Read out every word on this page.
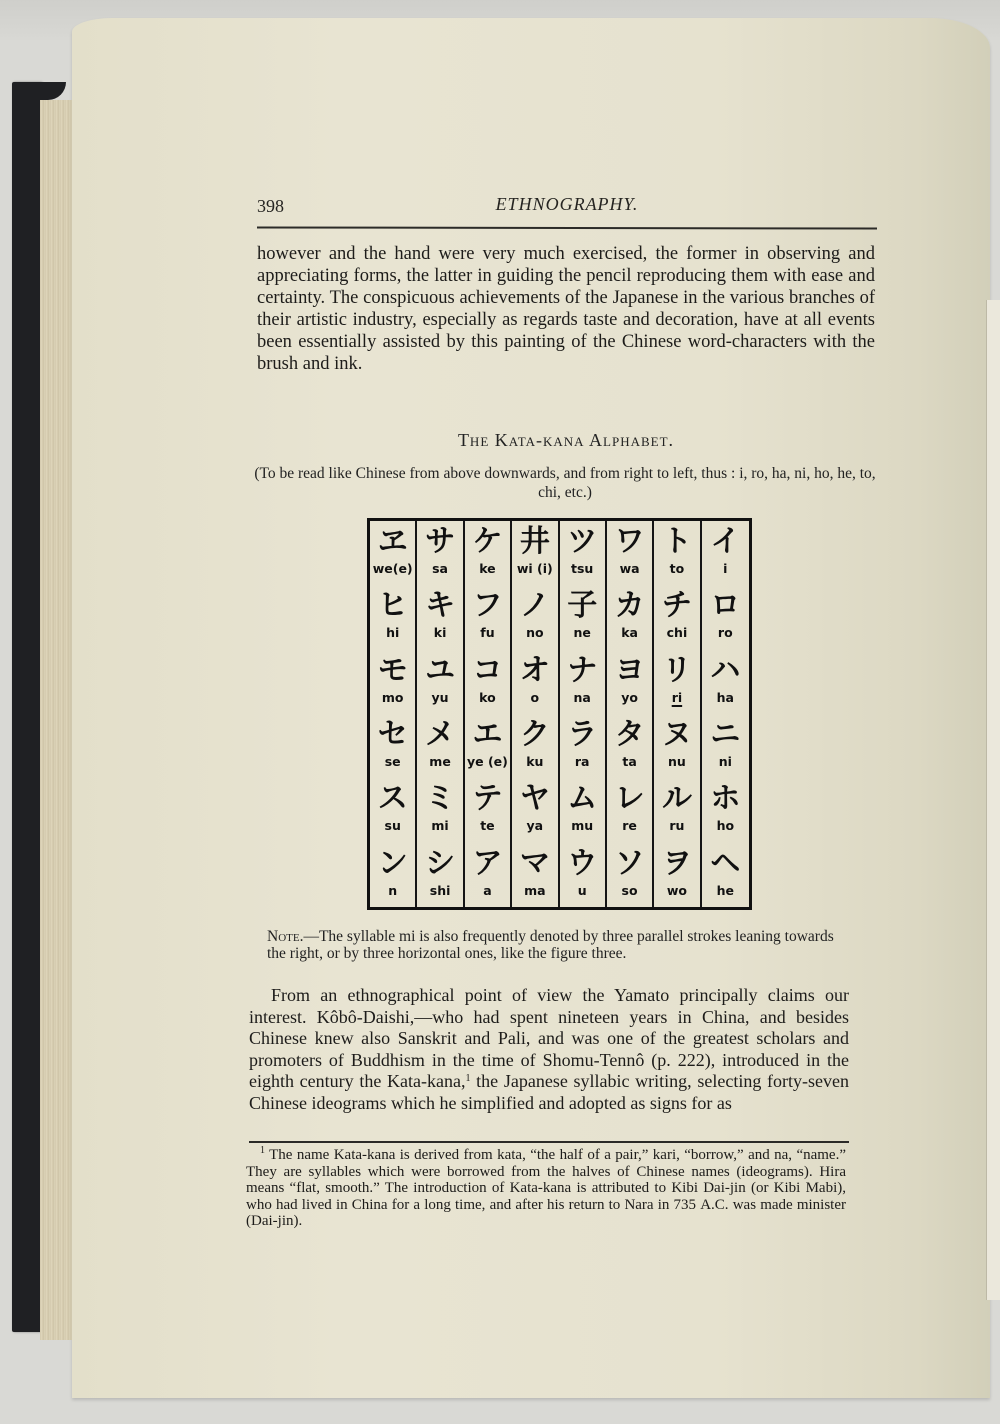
398	ETHNOGRAPHY.

however and the hand were very much exercised, the former in observing and appreciating forms, the latter in guiding the pencil reproducing them with ease and certainty. The conspicuous achievements of the Japanese in the various branches of their artistic industry, especially as regards taste and decoration, have at all events been essentially assisted by this painting of the Chinese word-characters with the brush and ink.

The Kata-kana Alphabet.
(To be read like Chinese from above downwards, and from right to left, thus : i, ro, ha, ni, ho, he, to, chi, etc.)
ヱ
we(e)
ヒ
hi
モ
mo
セ
se
ス
su
ン
n
サ
sa
キ
ki
ユ
yu
メ
me
ミ
mi
シ
shi
ケ
ke
フ
fu
コ
ko
エ
ye (e)
テ
te
ア
a
井
wi (i)
ノ
no
オ
o
ク
ku
ヤ
ya
マ
ma
ツ
tsu
子
ne
ナ
na
ラ
ra
ム
mu
ウ
u
ワ
wa
カ
ka
ヨ
yo
タ
ta
レ
re
ソ
so
ト
to
チ
chi
リ
ri
ヌ
nu
ル
ru
ヲ
wo
イ
i
ロ
ro
ハ
ha
ニ
ni
ホ
ho
ヘ
he
Note.—The syllable mi is also frequently denoted by three parallel strokes leaning towards the right, or by three horizontal ones, like the figure three.
From an ethnographical point of view the Yamato principally claims our interest. Kôbô-Daishi,—who had spent nineteen years in China, and besides Chinese knew also Sanskrit and Pali, and was one of the greatest scholars and promoters of Buddhism in the time of Shomu-Tennô (p. 222), introduced in the eighth century the Kata-kana,$^1$ the Japanese syllabic writing, selecting forty-seven Chinese ideograms which he simplified and adopted as signs for as
$^1$ The name Kata-kana is derived from kata, “the half of a pair,” kari, “borrow,” and na, “name.” They are syllables which were borrowed from the halves of Chinese names (ideograms). Hira means “flat, smooth.” The introduction of Kata-kana is attributed to Kibi Dai-jin (or Kibi Mabi), who had lived in China for a long time, and after his return to Nara in 735 A.C. was made minister (Dai-jin).
